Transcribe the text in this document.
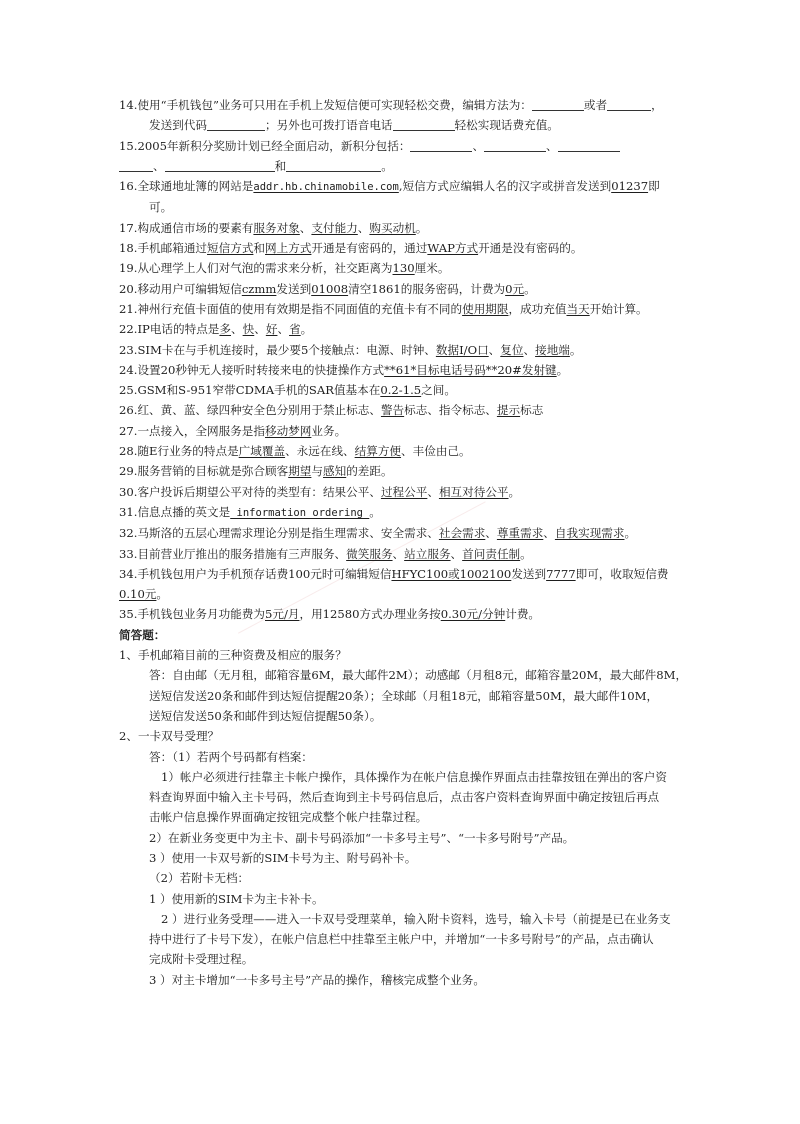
14.使用“手机钱包”业务可只用在手机上发短信便可实现轻松交费，编辑方法为：	或者	，
发送到代码	；另外也可拨打语音电话	轻松实现话费充值。
15.2005年新积分奖励计划已经全面启动，新积分包括：	、	、
、	和	。
16.全球通地址簿的网站是addr.hb.chinamobile.com,短信方式应编辑人名的汉字或拼音发送到01237即
可。
17.构成通信市场的要素有服务对象、支付能力、购买动机。
18.手机邮箱通过短信方式和网上方式开通是有密码的，通过WAP方式开通是没有密码的。
19.从心理学上人们对气泡的需求来分析，社交距离为130厘米。
20.移动用户可编辑短信czmm发送到01008清空1861的服务密码，计费为0元。
21.神州行充值卡面值的使用有效期是指不同面值的充值卡有不同的使用期限，成功充值当天开始计算。
22.IP电话的特点是多、快、好、省。
23.SIM卡在与手机连接时，最少要5个接触点：电源、时钟、数据I/O口、复位、接地端。
24.设置20秒钟无人接听时转接来电的快捷操作方式**61*目标电话号码**20#发射键。
25.GSM和S-951窄带CDMA手机的SAR值基本在0.2-1.5之间。
26.红、黄、蓝、绿四种安全色分别用于禁止标志、警告标志、指令标志、提示标志
27.一点接入，全网服务是指移动梦网业务。
28.随E行业务的特点是广域覆盖、永远在线、结算方便、丰俭由己。
29.服务营销的目标就是弥合顾客期望与感知的差距。
30.客户投诉后期望公平对待的类型有：结果公平、过程公平、相互对待公平。
31.信息点播的英文是 information ordering 。
32.马斯洛的五层心理需求理论分别是指生理需求、安全需求、社会需求、尊重需求、自我实现需求。
33.目前营业厅推出的服务措施有三声服务、微笑服务、站立服务、首问责任制。
34.手机钱包用户为手机预存话费100元时可编辑短信HFYC100或1002100发送到7777即可，收取短信费
0.10元。
35.手机钱包业务月功能费为5元/月，用12580方式办理业务按0.30元/分钟计费。
简答题：
1、手机邮箱目前的三种资费及相应的服务？
答：自由邮（无月租，邮箱容量6M，最大邮件2M）；动感邮（月租8元，邮箱容量20M，最大邮件8M，
送短信发送20条和邮件到达短信提醒20条）；全球邮（月租18元，邮箱容量50M，最大邮件10M，
送短信发送50条和邮件到达短信提醒50条）。
2、一卡双号受理？
答：（1）若两个号码都有档案：
1）帐户必须进行挂靠主卡帐户操作，具体操作为在帐户信息操作界面点击挂靠按钮在弹出的客户资
料查询界面中输入主卡号码，然后查询到主卡号码信息后，点击客户资料查询界面中确定按钮后再点
击帐户信息操作界面确定按钮完成整个帐户挂靠过程。
2）在新业务变更中为主卡、副卡号码添加“一卡多号主号”、“一卡多号附号”产品。
3 ）使用一卡双号新的SIM卡号为主、附号码补卡。
（2）若附卡无档：
1 ）使用新的SIM卡为主卡补卡。
2 ）进行业务受理——进入一卡双号受理菜单，输入附卡资料，选号，输入卡号（前提是已在业务支
持中进行了卡号下发），在帐户信息栏中挂靠至主帐户中，并增加“一卡多号附号”的产品，点击确认
完成附卡受理过程。
3 ）对主卡增加“一卡多号主号”产品的操作，稽核完成整个业务。
